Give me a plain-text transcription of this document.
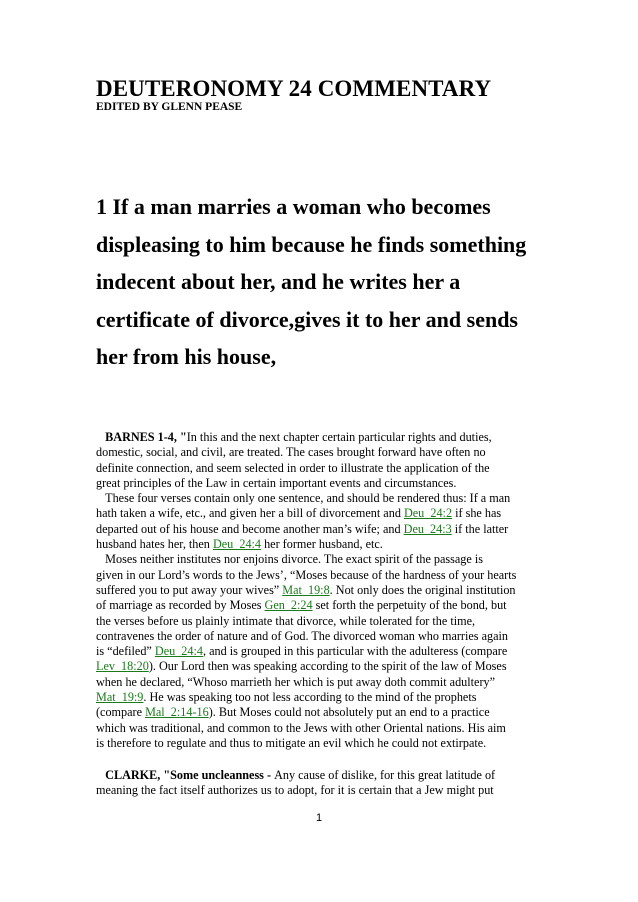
DEUTERONOMY 24 COMMENTARY
EDITED BY GLENN PEASE
1 If a man marries a woman who becomes
displeasing to him because he finds something
indecent about her, and he writes her a
certificate of divorce,gives it to her and sends
her from his house,
BARNES 1-4, "In this and the next chapter certain particular rights and duties,
domestic, social, and civil, are treated. The cases brought forward have often no
definite connection, and seem selected in order to illustrate the application of the
great principles of the Law in certain important events and circumstances.
These four verses contain only one sentence, and should be rendered thus: If a man
hath taken a wife, etc., and given her a bill of divorcement and Deu_24:2 if she has
departed out of his house and become another man’s wife; and Deu_24:3 if the latter
husband hates her, then Deu_24:4 her former husband, etc.
Moses neither institutes nor enjoins divorce. The exact spirit of the passage is
given in our Lord’s words to the Jews’, “Moses because of the hardness of your hearts
suffered you to put away your wives” Mat_19:8. Not only does the original institution
of marriage as recorded by Moses Gen_2:24 set forth the perpetuity of the bond, but
the verses before us plainly intimate that divorce, while tolerated for the time,
contravenes the order of nature and of God. The divorced woman who marries again
is “defiled” Deu_24:4, and is grouped in this particular with the adulteress (compare
Lev_18:20). Our Lord then was speaking according to the spirit of the law of Moses
when he declared, “Whoso marrieth her which is put away doth commit adultery”
Mat_19:9. He was speaking too not less according to the mind of the prophets
(compare Mal_2:14-16). But Moses could not absolutely put an end to a practice
which was traditional, and common to the Jews with other Oriental nations. His aim
is therefore to regulate and thus to mitigate an evil which he could not extirpate.
CLARKE, "Some uncleanness - Any cause of dislike, for this great latitude of
meaning the fact itself authorizes us to adopt, for it is certain that a Jew might put
1
